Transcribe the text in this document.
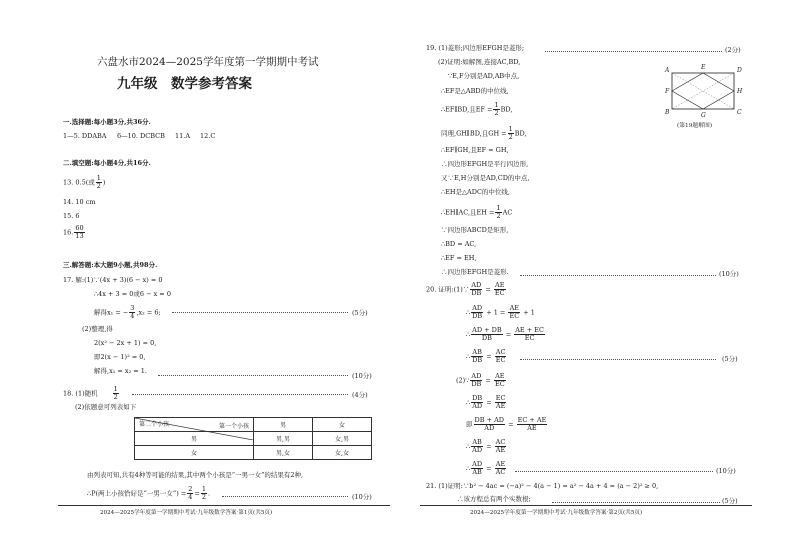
六盘水市2024—2025学年度第一学期期中考试
九年级　数学参考答案
一.选择题:每小题3分,共36分.
1—5. DDABA 6—10. DCBCB 11.A 12.C
二.填空题:每小题4分,共16分.
13. 0.5(或 $\frac{1}{2}$ )
14. 10 cm
15. 6
16. $\frac{60}{13}$
三.解答题:本大题9小题,共98分.
17. 解:(1)∵(4x + 3)(6 − x) = 0
∴4x + 3 = 0或6 − x = 0
解得x₁ = − $\frac{3}{4} ,x_2 = 6$;	(5分)
(2)整理,得
2(x² − 2x + 1) = 0,
即2(x − 1)² = 0,
解得,x₁ = x₂ = 1.
(10分)
18. (1)随机 $\frac{1}{2}$	(4分)
(2)依题意可列表如下
第一个小孩
第二个小孩	男	女
男	男,男	女,男
女	男,女	女,女
由列表可知,共有4种等可能的结果,其中两个小孩是“一男一女”的结果有2种,
∴P(两上小孩恰好是“一男一女”) = $\frac{2}{4} = \frac{1}{2}$ .	(10分)
2024—2025学年度第一学期期中考试·九年级数学答案·第1页(共5页)
19. (1)菱形;四边形EFGH是菱形;	(2分)
(2)证明:如解图,连接AC,BD,
∵E,F分别是AD,AB中点,
∴EF是△ABD的中位线,
∴EF∥BD,且EF = $\frac{1}{2}$ BD,
同理,GH∥BD,且GH = $\frac{1}{2}$ BD,
∴EF∥GH,且EF = GH,
∴四边形EFGH是平行四边形,
又∵E,H分别是AD,CD的中点,
∴EH是△ADC的中位线,
∴EH∥AC,且EH = $\frac{1}{2}$ AC
∵四边形ABCD是矩形,
∴BD = AC,
∴EF = EH,
∴四边形EFGH是菱形.	(10分)
A	E	D
F	H
B	G	C
(第19题解图)
20. 证明:(1)∵ $\frac{AD}{DB} = \frac{AE}{EC}$
∴ $\frac{AD}{DB} + 1 = \frac{AE}{EC} + 1$
∴ $\frac{AD + DB}{DB} = \frac{AE + EC}{EC}$
∴ $\frac{AB}{DB} = \frac{AC}{EC}$	(5分)
(2)∵ $\frac{AD}{DB} = \frac{AE}{EC}$
∴ $\frac{DB}{AD} = \frac{EC}{AE}$
即 $\frac{DB + AD}{AD} = \frac{EC + AE}{AE}$
∴ $\frac{AB}{AD} = \frac{AC}{AE}$
∴ $\frac{AD}{AB} = \frac{AE}{AC}$	(10分)
21. (1)证明:∵b² − 4ac = (−a)² − 4(a − 1) = a² − 4a + 4 = (a − 2)² ≥ 0,
∴该方程总有两个实数根;	(5分)
2024—2025学年度第一学期期中考试·九年级数学答案·第2页(共5页)
